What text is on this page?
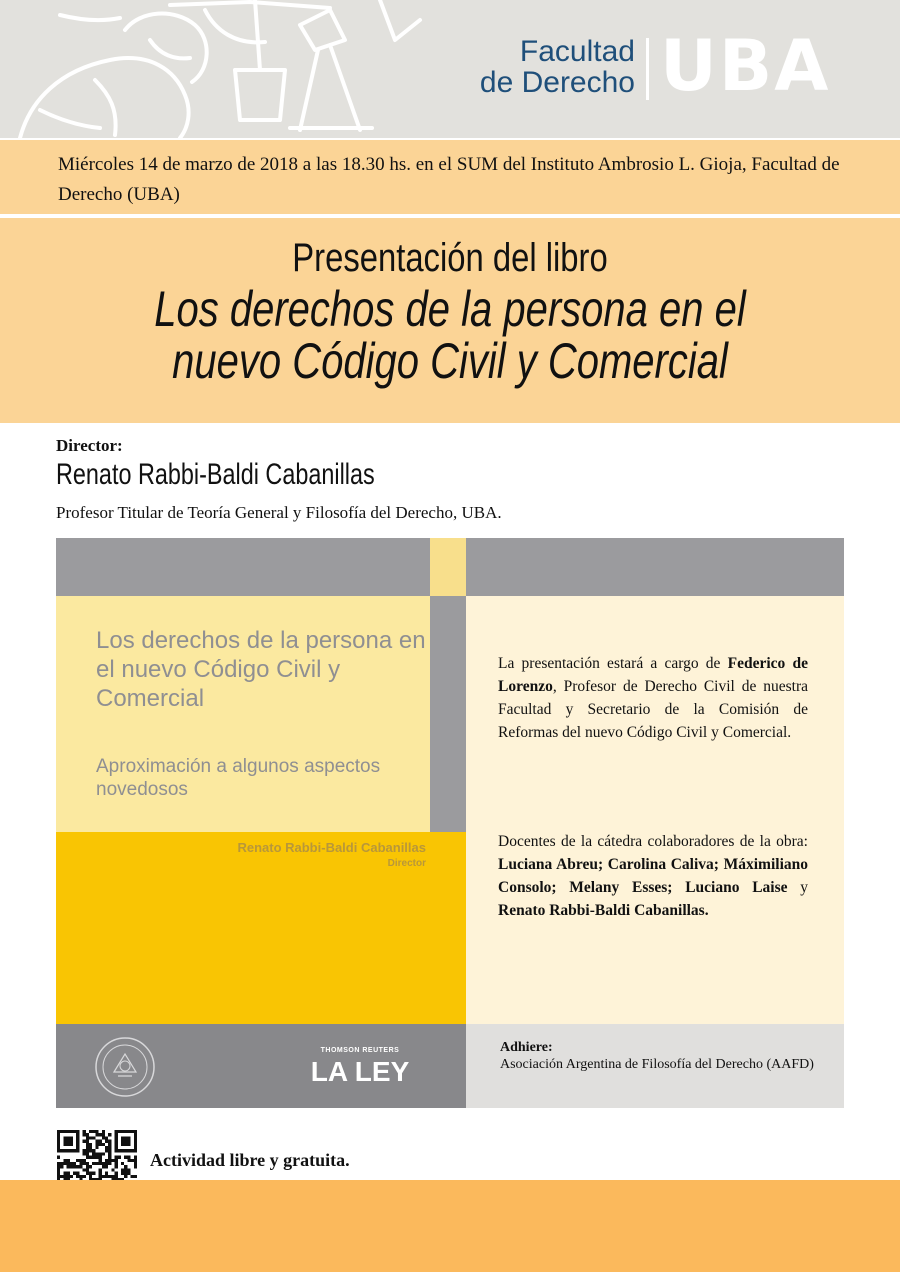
Facultad
de Derecho UBA
Miércoles 14 de marzo de 2018 a las 18.30 hs. en el SUM del Instituto Ambrosio L. Gioja, Facultad de Derecho (UBA)
Presentación del libro
Los derechos de la persona en el
nuevo Código Civil y Comercial
Director:
Renato Rabbi-Baldi Cabanillas
Profesor Titular de Teoría General y Filosofía del Derecho, UBA.
Los derechos de la persona en el nuevo Código Civil y Comercial
Aproximación a algunos aspectos novedosos
Renato Rabbi-Baldi Cabanillas
Director
THOMSON REUTERS
LA LEY
La presentación estará a cargo de Federico de Lorenzo, Profesor de Derecho Civil de nuestra Facultad y Secretario de la Comisión de Reformas del nuevo Código Civil y Comercial.
Docentes de la cátedra colaboradores de la obra: Luciana Abreu; Carolina Caliva; Máximiliano Consolo; Melany Esses; Luciano Laise y Renato Rabbi-Baldi Cabanillas.
Adhiere:
Asociación Argentina de Filosofía del Derecho (AAFD)
Actividad libre y gratuita.
